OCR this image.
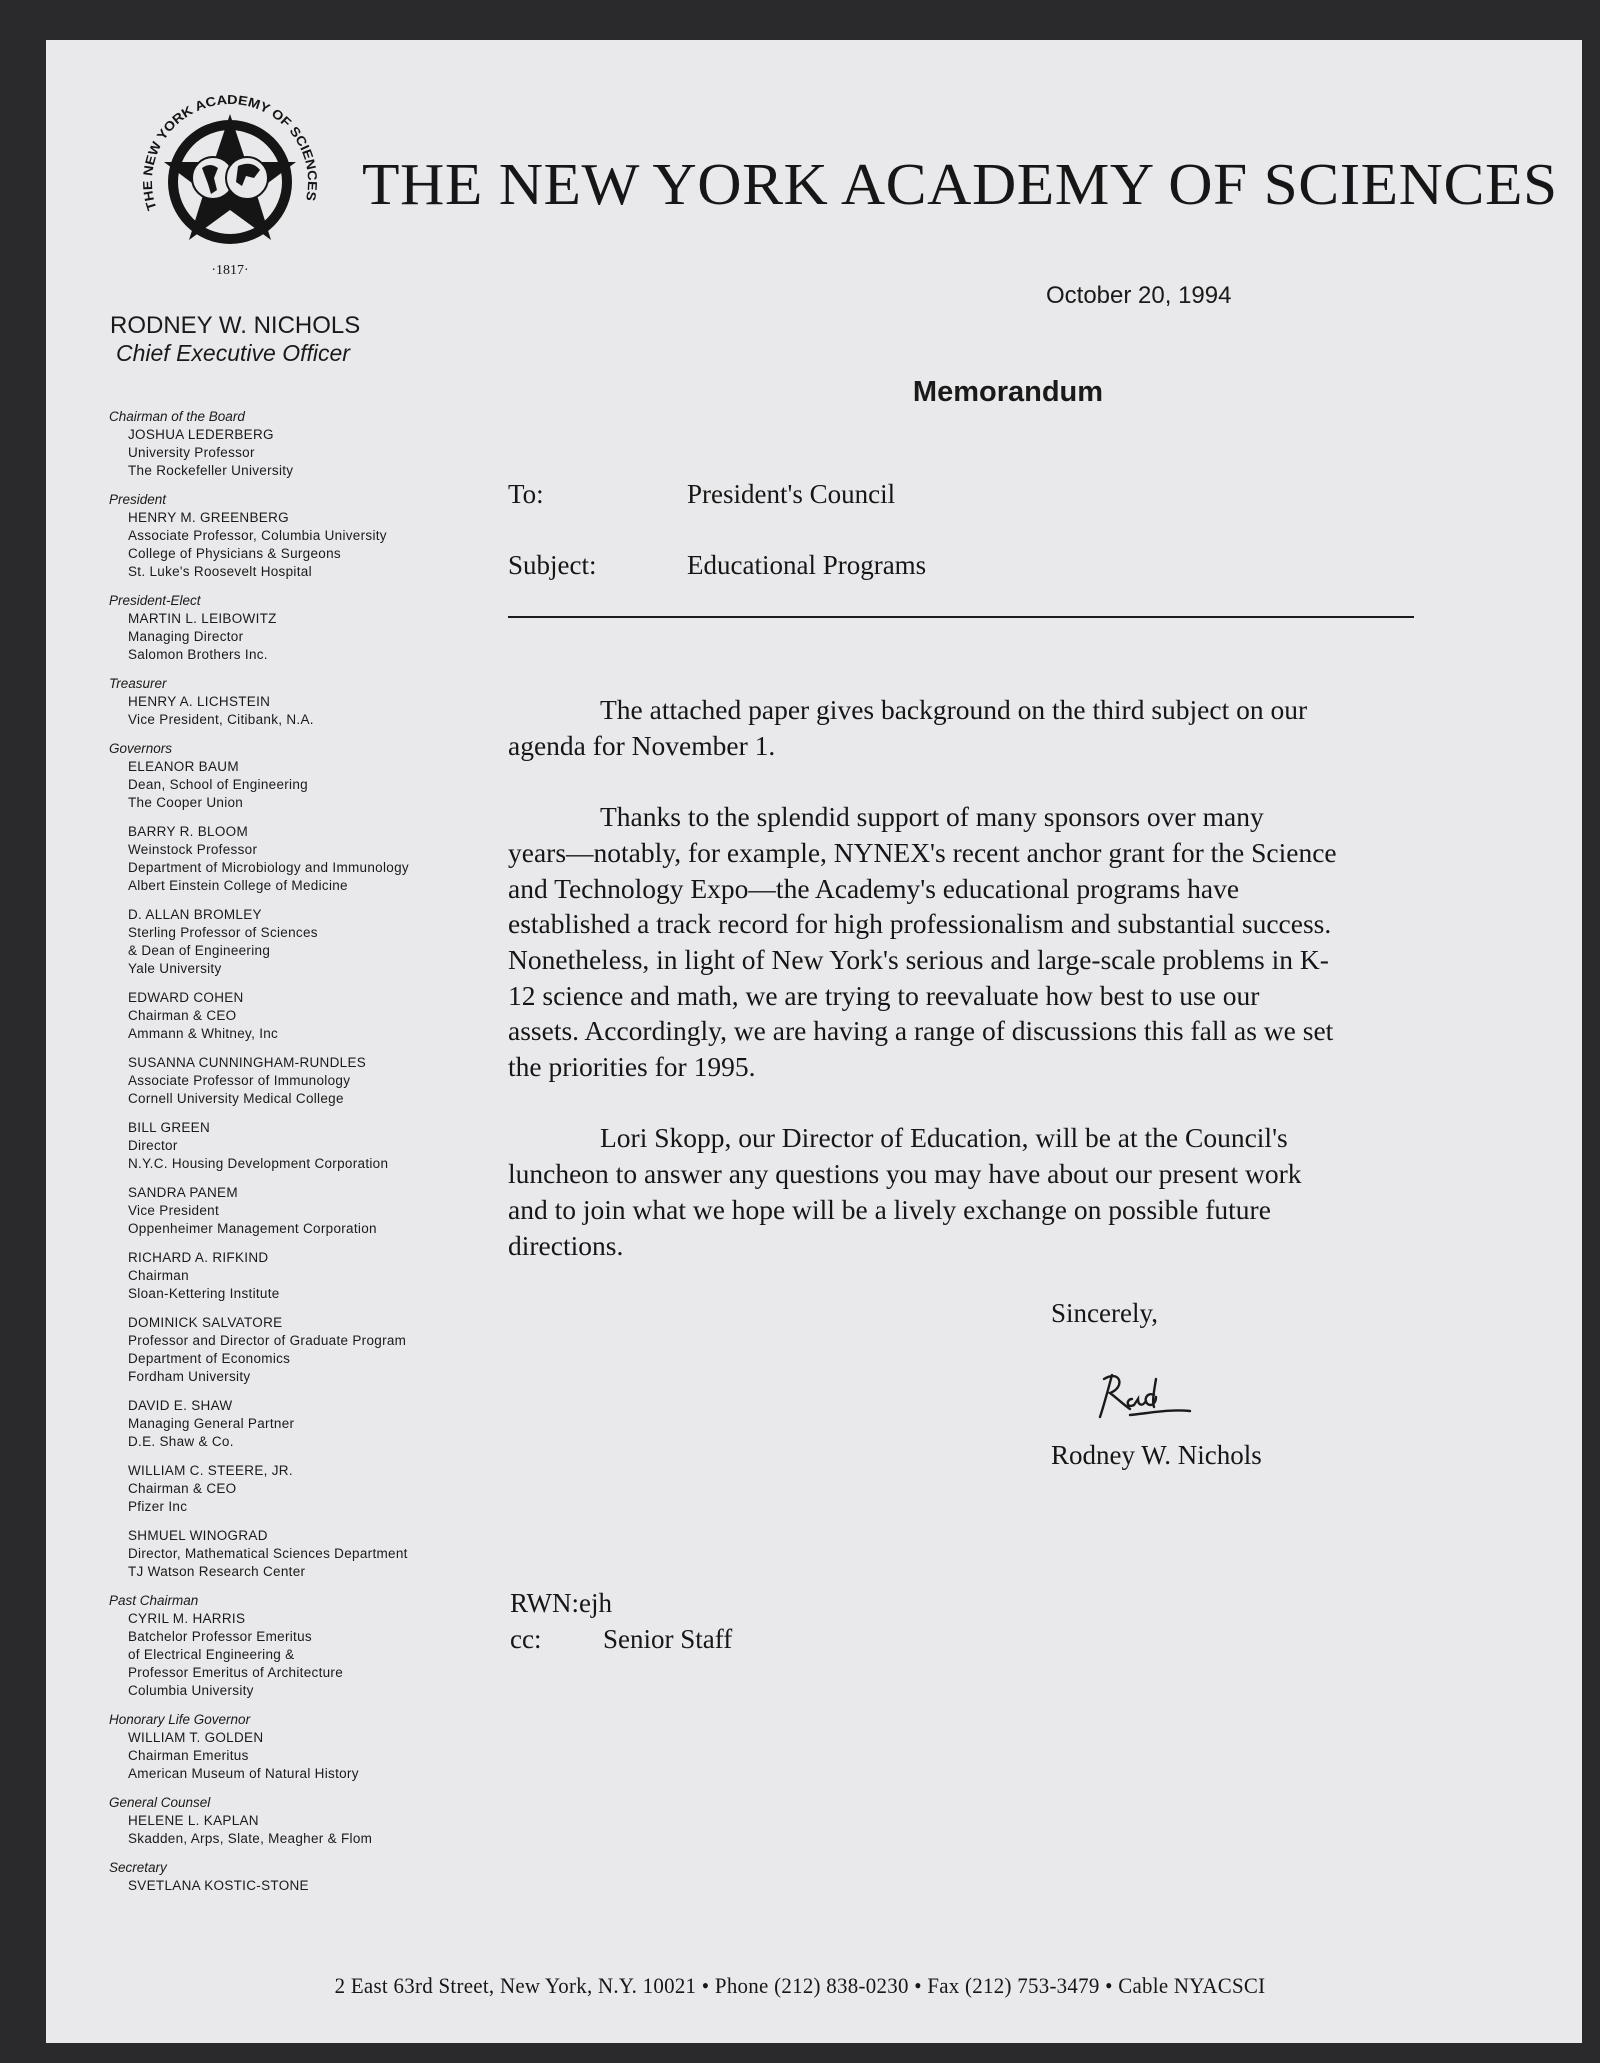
THE NEW YORK ACADEMY OF SCIENCES
·1817·
THE NEW YORK ACADEMY OF SCIENCES
October 20, 1994
RODNEY W. NICHOLS
Chief Executive Officer
Chairman of the Board
JOSHUA LEDERBERG
University Professor
The Rockefeller University
President
HENRY M. GREENBERG
Associate Professor, Columbia University
College of Physicians & Surgeons
St. Luke's Roosevelt Hospital
President-Elect
MARTIN L. LEIBOWITZ
Managing Director
Salomon Brothers Inc.
Treasurer
HENRY A. LICHSTEIN
Vice President, Citibank, N.A.
Governors
ELEANOR BAUM
Dean, School of Engineering
The Cooper Union
BARRY R. BLOOM
Weinstock Professor
Department of Microbiology and Immunology
Albert Einstein College of Medicine
D. ALLAN BROMLEY
Sterling Professor of Sciences
& Dean of Engineering
Yale University
EDWARD COHEN
Chairman & CEO
Ammann & Whitney, Inc
SUSANNA CUNNINGHAM-RUNDLES
Associate Professor of Immunology
Cornell University Medical College
BILL GREEN
Director
N.Y.C. Housing Development Corporation
SANDRA PANEM
Vice President
Oppenheimer Management Corporation
RICHARD A. RIFKIND
Chairman
Sloan-Kettering Institute
DOMINICK SALVATORE
Professor and Director of Graduate Program
Department of Economics
Fordham University
DAVID E. SHAW
Managing General Partner
D.E. Shaw & Co.
WILLIAM C. STEERE, JR.
Chairman & CEO
Pfizer Inc
SHMUEL WINOGRAD
Director, Mathematical Sciences Department
TJ Watson Research Center
Past Chairman
CYRIL M. HARRIS
Batchelor Professor Emeritus
of Electrical Engineering &
Professor Emeritus of Architecture
Columbia University
Honorary Life Governor
WILLIAM T. GOLDEN
Chairman Emeritus
American Museum of Natural History
General Counsel
HELENE L. KAPLAN
Skadden, Arps, Slate, Meagher & Flom
Secretary
SVETLANA KOSTIC-STONE
Memorandum
To:	President's Council
Subject:	Educational Programs
The attached paper gives background on the third subject on our
agenda for November 1.
Thanks to the splendid support of many sponsors over many
years—notably, for example, NYNEX's recent anchor grant for the Science
and Technology Expo—the Academy's educational programs have
established a track record for high professionalism and substantial success.
Nonetheless, in light of New York's serious and large-scale problems in K-
12 science and math, we are trying to reevaluate how best to use our
assets. Accordingly, we are having a range of discussions this fall as we set
the priorities for 1995.
Lori Skopp, our Director of Education, will be at the Council's
luncheon to answer any questions you may have about our present work
and to join what we hope will be a lively exchange on possible future
directions.
Sincerely,
Rodney W. Nichols
RWN:ejh
cc: Senior Staff
2 East 63rd Street, New York, N.Y. 10021 • Phone (212) 838-0230 • Fax (212) 753-3479 • Cable NYACSCI
